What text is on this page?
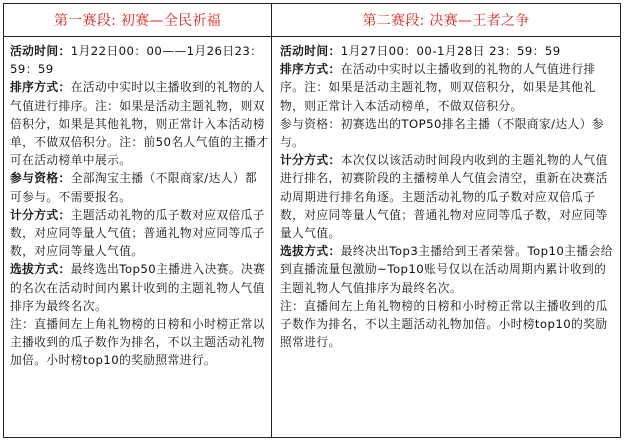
第一赛段: 初赛—全民祈福	第二赛段: 决赛—王者之争

活动时间：1月22日00：00——1月26日23：59：59

排序方式：在活动中实时以主播收到的礼物的人气值进行排序。注：如果是活动主题礼物，则双倍积分，如果是其他礼物，则正常计入本活动榜单，不做双倍积分。注：前50名人气值的主播才可在活动榜单中展示。

参与资格：全部淘宝主播（不限商家/达人）都可参与。不需要报名。

计分方式：主题活动礼物的瓜子数对应双倍瓜子数，对应同等量人气值；普通礼物对应同等瓜子数，对应同等量人气值。

选拔方式：最终选出Top50主播进入决赛。决赛的名次在活动时间内累计收到的主题礼物人气值排序为最终名次。

注：直播间左上角礼物榜的日榜和小时榜正常以主播收到的瓜子数作为排名，不以主题活动礼物加倍。小时榜top10的奖励照常进行。

活动时间：1月27日00：00-1月28日 23：59：59

排序方式：在活动中实时以主播收到的礼物的人气值进行排序。注：如果是活动主题礼物，则双倍积分，如果是其他礼物，则正常计入本活动榜单，不做双倍积分。

参与资格：初赛选出的TOP50排名主播（不限商家/达人）参与。

计分方式：本次仅以该活动时间段内收到的主题礼物的人气值进行排名，初赛阶段的主播榜单人气值会清空，重新在决赛活动周期进行排名角逐。主题活动礼物的瓜子数对应双倍瓜子数，对应同等量人气值；普通礼物对应同等瓜子数，对应同等量人气值。

选拔方式：最终决出Top3主播给到王者荣誉。Top10主播会给到直播流量包激励~Top10账号仅以在活动周期内累计收到的主题礼物人气值排序为最终名次。

注：直播间左上角礼物榜的日榜和小时榜正常以主播收到的瓜子数作为排名，不以主题活动礼物加倍。小时榜top10的奖励照常进行。
